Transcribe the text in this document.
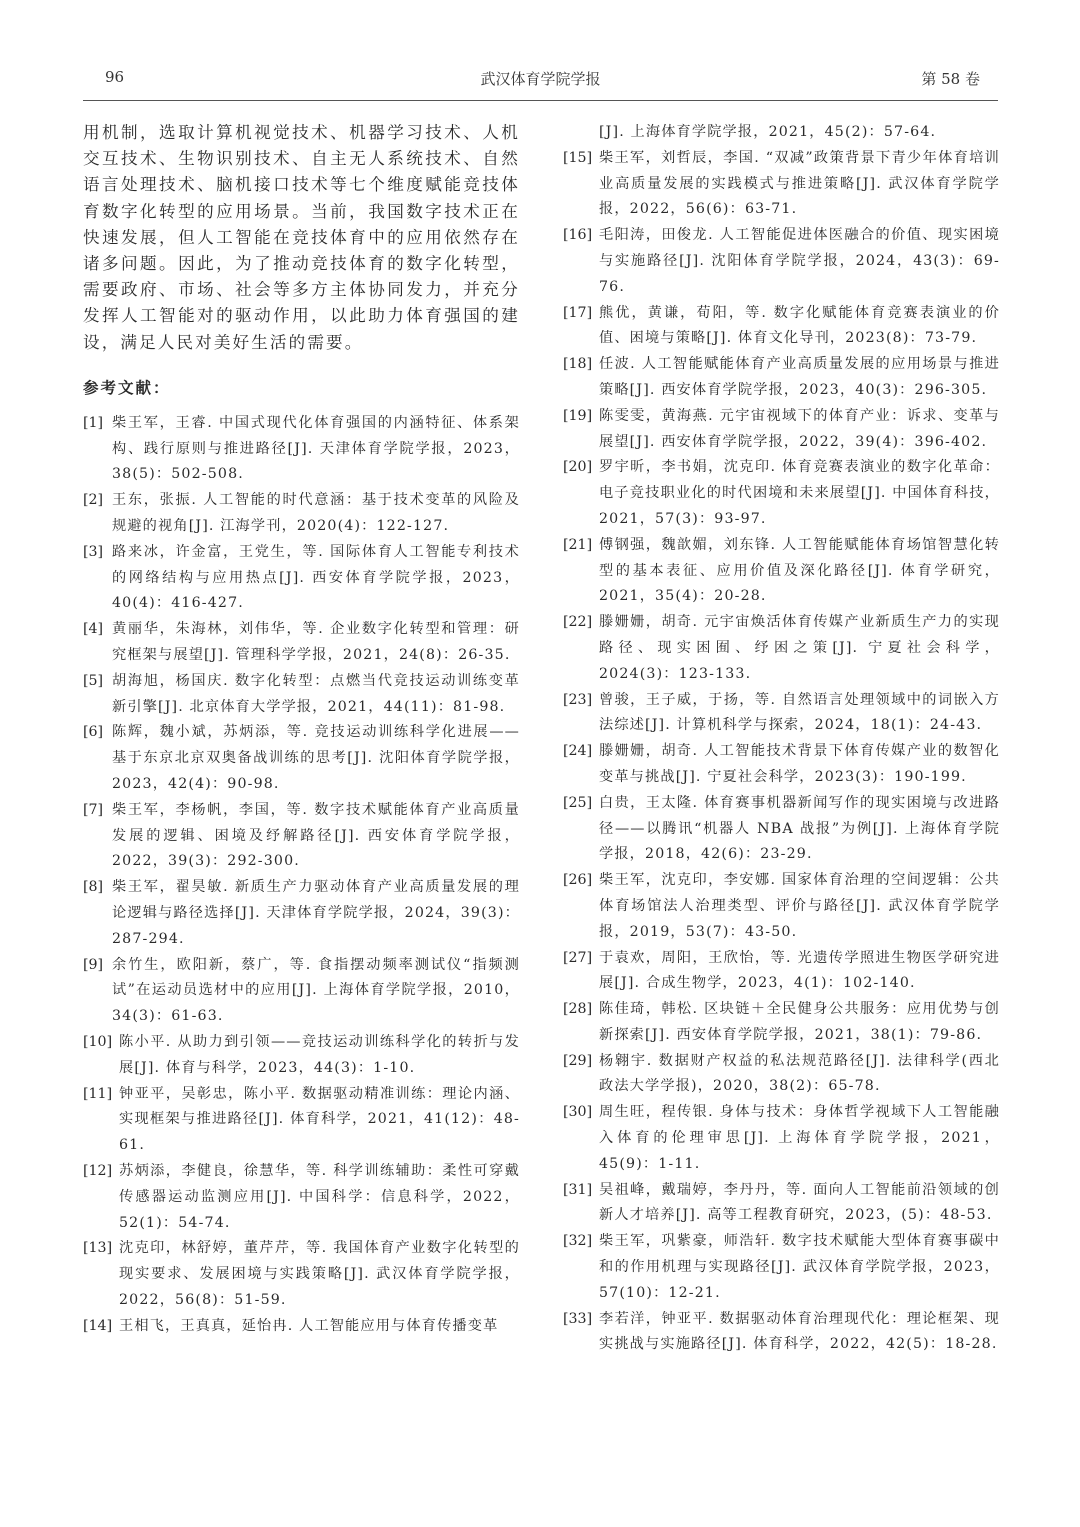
96	武汉体育学院学报	第 58 卷

用机制，选取计算机视觉技术、机器学习技术、人机交互技术、生物识别技术、自主无人系统技术、自然语言处理技术、脑机接口技术等七个维度赋能竞技体育数字化转型的应用场景。当前，我国数字技术正在快速发展，但人工智能在竞技体育中的应用依然存在诸多问题。因此，为了推动竞技体育的数字化转型，需要政府、市场、社会等多方主体协同发力，并充分发挥人工智能对的驱动作用，以此助力体育强国的建设，满足人民对美好生活的需要。

参考文献：
[1] 柴王军，王睿. 中国式现代化体育强国的内涵特征、体系架构、践行原则与推进路径[J]. 天津体育学院学报，2023，38(5)：502-508.
[2] 王东，张振. 人工智能的时代意涵：基于技术变革的风险及规避的视角[J]. 江海学刊，2020(4)：122-127.
[3] 路来冰，许金富，王党生，等. 国际体育人工智能专利技术的网络结构与应用热点[J]. 西安体育学院学报，2023，40(4)：416-427.
[4] 黄丽华，朱海林，刘伟华，等. 企业数字化转型和管理：研究框架与展望[J]. 管理科学学报，2021，24(8)：26-35.
[5] 胡海旭，杨国庆. 数字化转型：点燃当代竞技运动训练变革新引擎[J]. 北京体育大学学报，2021，44(11)：81-98.
[6] 陈辉，魏小斌，苏炳添，等. 竞技运动训练科学化进展——基于东京北京双奥备战训练的思考[J]. 沈阳体育学院学报，2023，42(4)：90-98.
[7] 柴王军，李杨帆，李国，等. 数字技术赋能体育产业高质量发展的逻辑、困境及纾解路径[J]. 西安体育学院学报，2022，39(3)：292-300.
[8] 柴王军，翟昊敏. 新质生产力驱动体育产业高质量发展的理论逻辑与路径选择[J]. 天津体育学院学报，2024，39(3)：287-294.
[9] 余竹生，欧阳新，蔡广，等. 食指摆动频率测试仪“指频测试”在运动员选材中的应用[J]. 上海体育学院学报，2010，34(3)：61-63.
[10] 陈小平. 从助力到引领——竞技运动训练科学化的转折与发展[J]. 体育与科学，2023，44(3)：1-10.
[11] 钟亚平，吴彰忠，陈小平. 数据驱动精准训练：理论内涵、实现框架与推进路径[J]. 体育科学，2021，41(12)：48-61.
[12] 苏炳添，李健良，徐慧华，等. 科学训练辅助：柔性可穿戴传感器运动监测应用[J]. 中国科学：信息科学，2022，52(1)：54-74.
[13] 沈克印，林舒婷，董芹芹，等. 我国体育产业数字化转型的现实要求、发展困境与实践策略[J]. 武汉体育学院学报，2022，56(8)：51-59.
[14] 王相飞，王真真，延怡冉. 人工智能应用与体育传播变革
[J]. 上海体育学院学报，2021，45(2)：57-64.
[15] 柴王军，刘哲辰，李国. “双减”政策背景下青少年体育培训业高质量发展的实践模式与推进策略[J]. 武汉体育学院学报，2022，56(6)：63-71.
[16] 毛阳涛，田俊龙. 人工智能促进体医融合的价值、现实困境与实施路径[J]. 沈阳体育学院学报，2024，43(3)：69-76.
[17] 熊优，黄谦，荀阳，等. 数字化赋能体育竞赛表演业的价值、困境与策略[J]. 体育文化导刊，2023(8)：73-79.
[18] 任波. 人工智能赋能体育产业高质量发展的应用场景与推进策略[J]. 西安体育学院学报，2023，40(3)：296-305.
[19] 陈雯雯，黄海燕. 元宇宙视域下的体育产业：诉求、变革与展望[J]. 西安体育学院学报，2022，39(4)：396-402.
[20] 罗宇昕，李书娟，沈克印. 体育竞赛表演业的数字化革命：电子竞技职业化的时代困境和未来展望[J]. 中国体育科技，2021，57(3)：93-97.
[21] 傅钢强，魏歆媚，刘东锋. 人工智能赋能体育场馆智慧化转型的基本表征、应用价值及深化路径[J]. 体育学研究，2021，35(4)：20-28.
[22] 滕姗姗，胡奇. 元宇宙焕活体育传媒产业新质生产力的实现路径、现实困囿、纾困之策[J]. 宁夏社会科学，2024(3)：123-133.
[23] 曾骏，王子威，于扬，等. 自然语言处理领域中的词嵌入方法综述[J]. 计算机科学与探索，2024，18(1)：24-43.
[24] 滕姗姗，胡奇. 人工智能技术背景下体育传媒产业的数智化变革与挑战[J]. 宁夏社会科学，2023(3)：190-199.
[25] 白贵，王太隆. 体育赛事机器新闻写作的现实困境与改进路径——以腾讯“机器人 NBA 战报”为例[J]. 上海体育学院学报，2018，42(6)：23-29.
[26] 柴王军，沈克印，李安娜. 国家体育治理的空间逻辑：公共体育场馆法人治理类型、评价与路径[J]. 武汉体育学院学报，2019，53(7)：43-50.
[27] 于袁欢，周阳，王欣怡，等. 光遗传学照进生物医学研究进展[J]. 合成生物学，2023，4(1)：102-140.
[28] 陈佳琦，韩松. 区块链＋全民健身公共服务：应用优势与创新探索[J]. 西安体育学院学报，2021，38(1)：79-86.
[29] 杨翱宇. 数据财产权益的私法规范路径[J]. 法律科学(西北政法大学学报)，2020，38(2)：65-78.
[30] 周生旺，程传银. 身体与技术：身体哲学视域下人工智能融入体育的伦理审思[J]. 上海体育学院学报，2021，45(9)：1-11.
[31] 吴祖峰，戴瑞婷，李丹丹，等. 面向人工智能前沿领域的创新人才培养[J]. 高等工程教育研究，2023，(5)：48-53.
[32] 柴王军，巩紫豪，师浩轩. 数字技术赋能大型体育赛事碳中和的作用机理与实现路径[J]. 武汉体育学院学报，2023，57(10)：12-21.
[33] 李若洋，钟亚平. 数据驱动体育治理现代化：理论框架、现实挑战与实施路径[J]. 体育科学，2022，42(5)：18-28.
